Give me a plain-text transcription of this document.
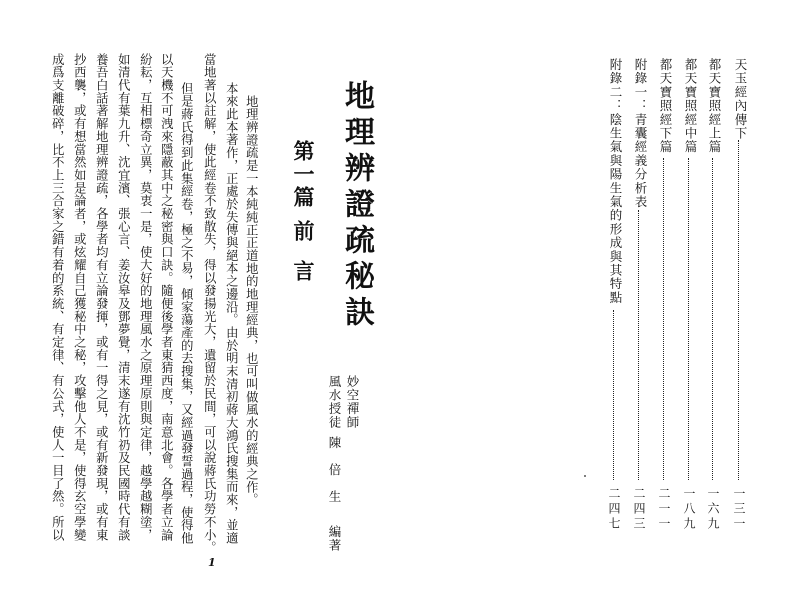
天玉經內傳下
一三一
都天寶照經上篇
一六九
都天寶照經中篇
一八九
都天寶照經下篇
二一一
附錄一：青囊經義分析表
二四三
附錄二：陰生氣與陽生氣的形成與其特點
二四七
地理辨證疏秘訣
第一篇
前
言
妙空禪師
風水授徒
陳　倍　生
編著
地理辨證疏是一本純純正正道地的地理經典，也可叫做風水的經典之作。
本來此本著作，正處於失傳與絕本之邊沿。由於明末清初蔣大鴻氏搜集而來，並適
當地著以註解，使此經卷不致散失，得以發揚光大，遺留於民間，可以說蔣氏功勞不小。
但是蔣氏得到此集經卷，極之不易，傾家蕩產的去搜集，又經過發誓過程，使得他
以天機不可洩來隱蔽其中之秘密與口訣。隨便後學者東猜西度，南意北會。各學者立論
紛耘，互相標奇立異，莫衷一是，使大好的地理風水之原理原則與定律，越學越糊塗，
如清代有葉九升、沈宜濱、張心言、姜汝皋及鄧夢覺，清末遂有沈竹礽及民國時代有談
養吾白話著解地理辨證疏，各學者均有立論發揮，或有一得之見，或有新發現，或有東
抄西襲，或有想當然如是論者，或炫耀自己獲秘中之秘，攻擊他人不是，使得玄空學變
成爲支離破碎，比不上三合家之錯有着的系統、有定律、有公式，使人一目了然。所以
1
